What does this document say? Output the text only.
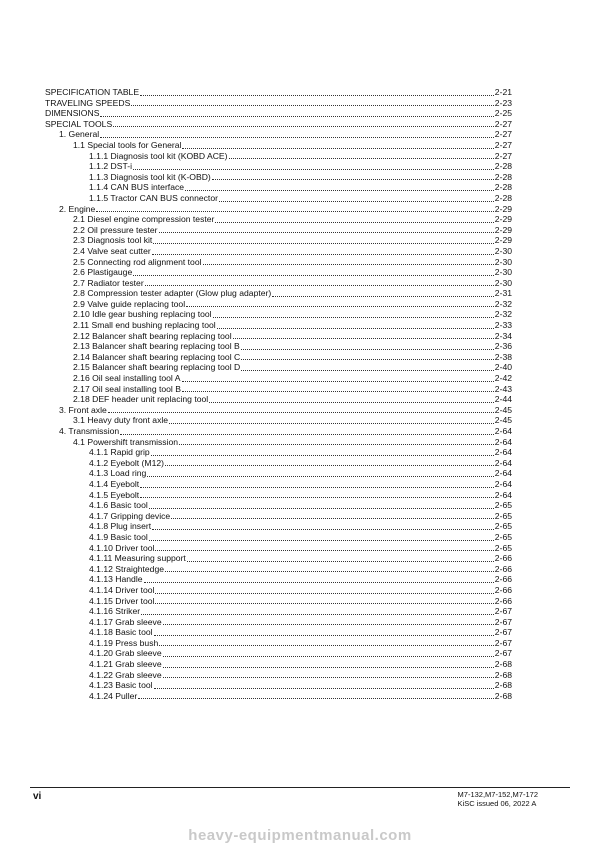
SPECIFICATION TABLE	2-21
TRAVELING SPEEDS	2-23
DIMENSIONS	2-25
SPECIAL TOOLS	2-27
1. General	2-27
1.1 Special tools for General	2-27
1.1.1 Diagnosis tool kit (KOBD ACE)	2-27
1.1.2 DST-i	2-28
1.1.3 Diagnosis tool kit (K-OBD)	2-28
1.1.4 CAN BUS interface	2-28
1.1.5 Tractor CAN BUS connector	2-28
2. Engine	2-29
2.1 Diesel engine compression tester	2-29
2.2 Oil pressure tester	2-29
2.3 Diagnosis tool kit	2-29
2.4 Valve seat cutter	2-30
2.5 Connecting rod alignment tool	2-30
2.6 Plastigauge	2-30
2.7 Radiator tester	2-30
2.8 Compression tester adapter (Glow plug adapter)	2-31
2.9 Valve guide replacing tool	2-32
2.10 Idle gear bushing replacing tool	2-32
2.11 Small end bushing replacing tool	2-33
2.12 Balancer shaft bearing replacing tool	2-34
2.13 Balancer shaft bearing replacing tool B	2-36
2.14 Balancer shaft bearing replacing tool C	2-38
2.15 Balancer shaft bearing replacing tool D	2-40
2.16 Oil seal installing tool A	2-42
2.17 Oil seal installing tool B	2-43
2.18 DEF header unit replacing tool	2-44
3. Front axle	2-45
3.1 Heavy duty front axle	2-45
4. Transmission	2-64
4.1 Powershift transmission	2-64
4.1.1 Rapid grip	2-64
4.1.2 Eyebolt (M12)	2-64
4.1.3 Load ring	2-64
4.1.4 Eyebolt	2-64
4.1.5 Eyebolt	2-64
4.1.6 Basic tool	2-65
4.1.7 Gripping device	2-65
4.1.8 Plug insert	2-65
4.1.9 Basic tool	2-65
4.1.10 Driver tool	2-65
4.1.11 Measuring support	2-66
4.1.12 Straightedge	2-66
4.1.13 Handle	2-66
4.1.14 Driver tool	2-66
4.1.15 Driver tool	2-66
4.1.16 Striker	2-67
4.1.17 Grab sleeve	2-67
4.1.18 Basic tool	2-67
4.1.19 Press bush	2-67
4.1.20 Grab sleeve	2-67
4.1.21 Grab sleeve	2-68
4.1.22 Grab sleeve	2-68
4.1.23 Basic tool	2-68
4.1.24 Puller	2-68
vi	M7-132,M7-152,M7-172
KiSC issued 06, 2022 A
heavy-equipmentmanual.com
